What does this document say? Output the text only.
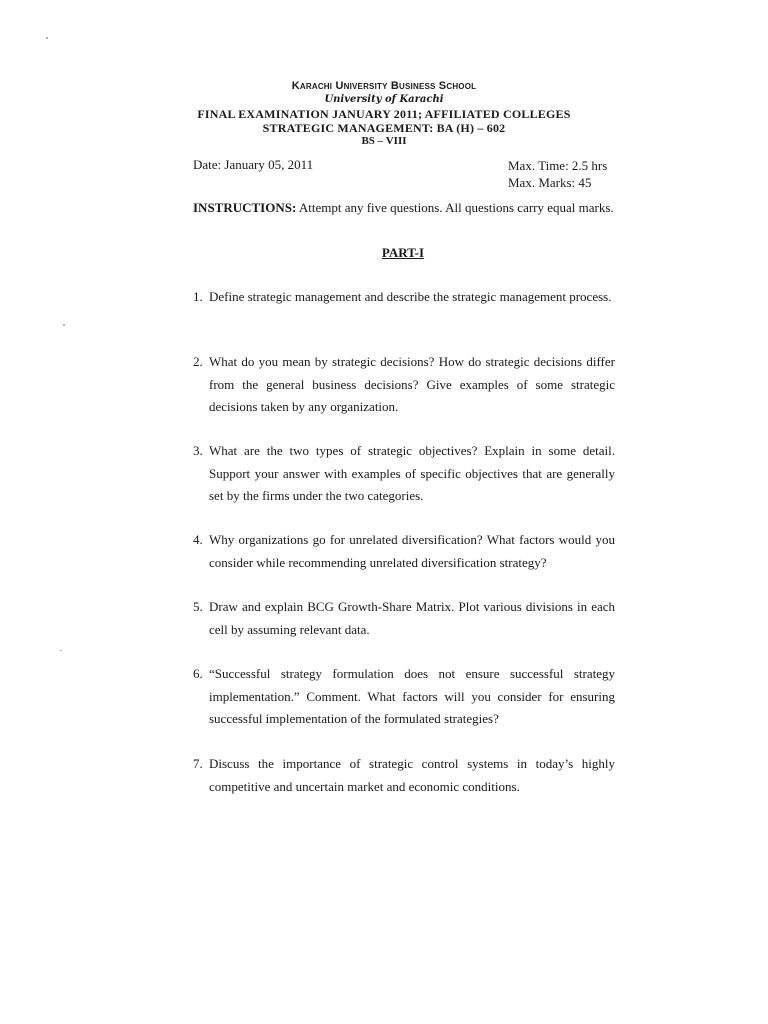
Karachi University Business School
University of Karachi
FINAL EXAMINATION JANUARY 2011; AFFILIATED COLLEGES
STRATEGIC MANAGEMENT: BA (H) – 602
BS – VIII
Date: January 05, 2011	Max. Time: 2.5 hrs
Max. Marks: 45
INSTRUCTIONS: Attempt any five questions. All questions carry equal marks.
PART-I
1. Define strategic management and describe the strategic management process.
2. What do you mean by strategic decisions? How do strategic decisions differ from the general business decisions? Give examples of some strategic decisions taken by any organization.
3. What are the two types of strategic objectives? Explain in some detail. Support your answer with examples of specific objectives that are generally set by the firms under the two categories.
4. Why organizations go for unrelated diversification? What factors would you consider while recommending unrelated diversification strategy?
5. Draw and explain BCG Growth-Share Matrix. Plot various divisions in each cell by assuming relevant data.
6. “Successful strategy formulation does not ensure successful strategy implementation.” Comment. What factors will you consider for ensuring successful implementation of the formulated strategies?
7. Discuss the importance of strategic control systems in today’s highly competitive and uncertain market and economic conditions.
